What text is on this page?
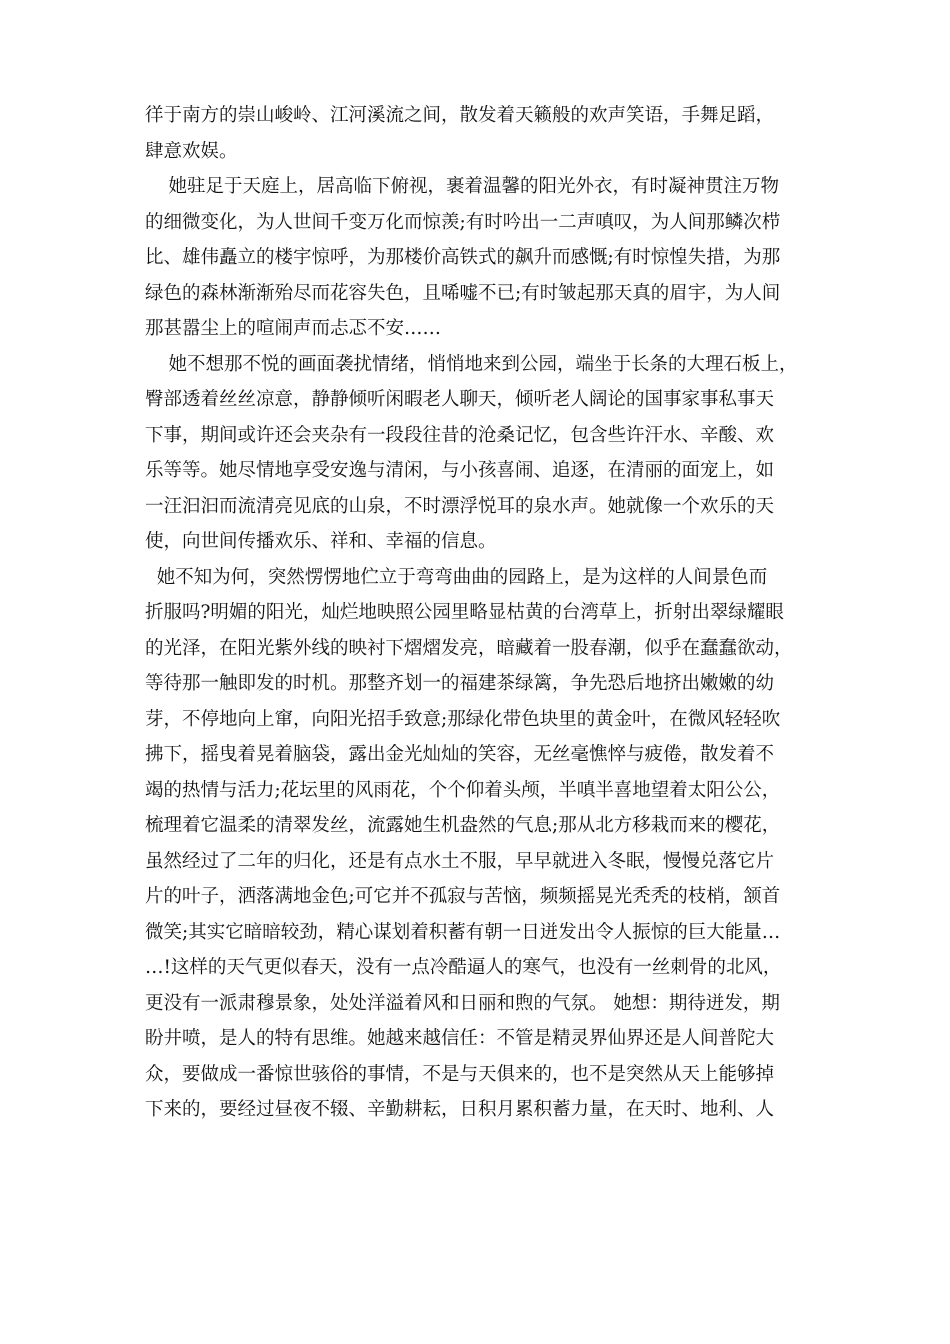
徉于南方的崇山峻岭、江河溪流之间，散发着天籁般的欢声笑语，手舞足蹈，
肆意欢娱。
她驻足于天庭上，居高临下俯视，裹着温馨的阳光外衣，有时凝神贯注万物
的细微变化，为人世间千变万化而惊羡;有时吟出一二声嗔叹，为人间那鳞次栉
比、雄伟矗立的楼宇惊呼，为那楼价高铁式的飙升而感慨;有时惊惶失措，为那
绿色的森林渐渐殆尽而花容失色，且唏嘘不已;有时皱起那天真的眉宇，为人间
那甚嚣尘上的喧闹声而忐忑不安……
她不想那不悦的画面袭扰情绪，悄悄地来到公园，端坐于长条的大理石板上，
臀部透着丝丝凉意，静静倾听闲暇老人聊天，倾听老人阔论的国事家事私事天
下事，期间或许还会夹杂有一段段往昔的沧桑记忆，包含些许汗水、辛酸、欢
乐等等。她尽情地享受安逸与清闲，与小孩喜闹、追逐，在清丽的面宠上，如
一汪汩汩而流清亮见底的山泉，不时漂浮悦耳的泉水声。她就像一个欢乐的天
使，向世间传播欢乐、祥和、幸福的信息。
她不知为何，突然愣愣地伫立于弯弯曲曲的园路上，是为这样的人间景色而
折服吗?明媚的阳光，灿烂地映照公园里略显枯黄的台湾草上，折射出翠绿耀眼
的光泽，在阳光紫外线的映衬下熠熠发亮，暗藏着一股春潮，似乎在蠢蠢欲动，
等待那一触即发的时机。那整齐划一的福建茶绿篱，争先恐后地挤出嫩嫩的幼
芽，不停地向上窜，向阳光招手致意;那绿化带色块里的黄金叶，在微风轻轻吹
拂下，摇曳着晃着脑袋，露出金光灿灿的笑容，无丝毫憔悴与疲倦，散发着不
竭的热情与活力;花坛里的风雨花，个个仰着头颅，半嗔半喜地望着太阳公公，
梳理着它温柔的清翠发丝，流露她生机盎然的气息;那从北方移栽而来的樱花，
虽然经过了二年的归化，还是有点水土不服，早早就进入冬眠，慢慢兑落它片
片的叶子，洒落满地金色;可它并不孤寂与苦恼，频频摇晃光秃秃的枝梢，颔首
微笑;其实它暗暗较劲，精心谋划着积蓄有朝一日迸发出令人振惊的巨大能量…
…!这样的天气更似春天，没有一点冷酷逼人的寒气，也没有一丝刺骨的北风，
更没有一派肃穆景象，处处洋溢着风和日丽和煦的气氛。 她想：期待迸发，期
盼井喷，是人的特有思维。她越来越信任：不管是精灵界仙界还是人间普陀大
众，要做成一番惊世骇俗的事情，不是与天俱来的，也不是突然从天上能够掉
下来的，要经过昼夜不辍、辛勤耕耘，日积月累积蓄力量，在天时、地利、人
